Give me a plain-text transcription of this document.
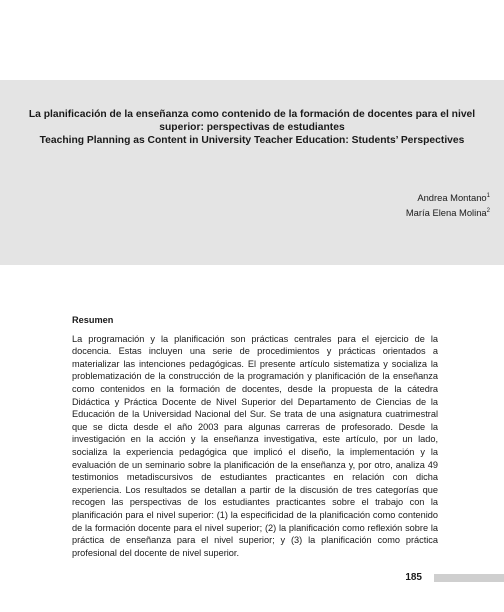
La planificación de la enseñanza como contenido de la formación de docentes para el nivel superior: perspectivas de estudiantes

Teaching Planning as Content in University Teacher Education: Students’ Perspectives

Andrea Montano$^1$
María Elena Molina$^2$

Resumen

La programación y la planificación son prácticas centrales para el ejercicio de la docencia. Estas incluyen una serie de procedimientos y prácticas orientados a materializar las intenciones pedagógicas. El presente artículo sistematiza y socializa la problematización de la construcción de la programación y planificación de la enseñanza como contenidos en la formación de docentes, desde la propuesta de la cátedra Didáctica y Práctica Docente de Nivel Superior del Departamento de Ciencias de la Educación de la Universidad Nacional del Sur. Se trata de una asignatura cuatrimestral que se dicta desde el año 2003 para algunas carreras de profesorado. Desde la investigación en la acción y la enseñanza investigativa, este artículo, por un lado, socializa la experiencia pedagógica que implicó el diseño, la implementación y la evaluación de un seminario sobre la planificación de la enseñanza y, por otro, analiza 49 testimonios metadiscursivos de estudiantes practicantes en relación con dicha experiencia. Los resultados se detallan a partir de la discusión de tres categorías que recogen las perspectivas de los estudiantes practicantes sobre el trabajo con la planificación para el nivel superior: (1) la especificidad de la planificación como contenido de la formación docente para el nivel superior; (2) la planificación como reflexión sobre la práctica de enseñanza para el nivel superior; y (3) la planificación como práctica profesional del docente de nivel superior.

185
